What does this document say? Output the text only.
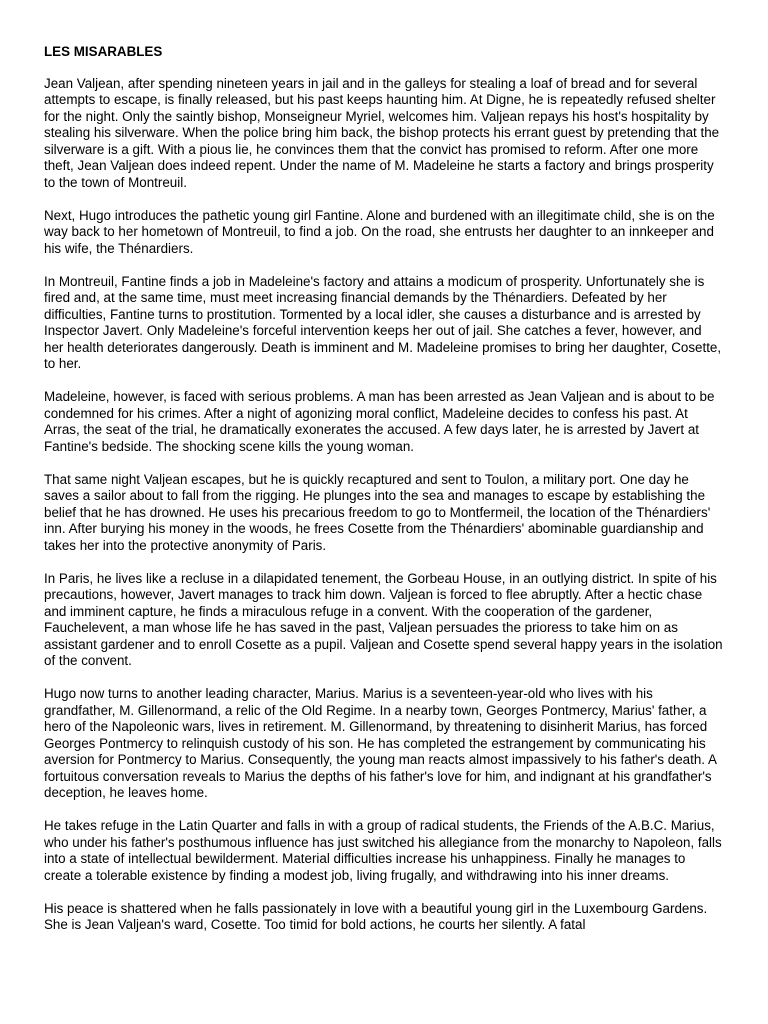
LES MISARABLES

Jean Valjean, after spending nineteen years in jail and in the galleys for stealing a loaf of bread and for several attempts to escape, is finally released, but his past keeps haunting him. At Digne, he is repeatedly refused shelter for the night. Only the saintly bishop, Monseigneur Myriel, welcomes him. Valjean repays his host's hospitality by stealing his silverware. When the police bring him back, the bishop protects his errant guest by pretending that the silverware is a gift. With a pious lie, he convinces them that the convict has promised to reform. After one more theft, Jean Valjean does indeed repent. Under the name of M. Madeleine he starts a factory and brings prosperity to the town of Montreuil.

Next, Hugo introduces the pathetic young girl Fantine. Alone and burdened with an illegitimate child, she is on the way back to her hometown of Montreuil, to find a job. On the road, she entrusts her daughter to an innkeeper and his wife, the Thénardiers.

In Montreuil, Fantine finds a job in Madeleine's factory and attains a modicum of prosperity. Unfortunately she is fired and, at the same time, must meet increasing financial demands by the Thénardiers. Defeated by her difficulties, Fantine turns to prostitution. Tormented by a local idler, she causes a disturbance and is arrested by Inspector Javert. Only Madeleine's forceful intervention keeps her out of jail. She catches a fever, however, and her health deteriorates dangerously. Death is imminent and M. Madeleine promises to bring her daughter, Cosette, to her.

Madeleine, however, is faced with serious problems. A man has been arrested as Jean Valjean and is about to be condemned for his crimes. After a night of agonizing moral conflict, Madeleine decides to confess his past. At Arras, the seat of the trial, he dramatically exonerates the accused. A few days later, he is arrested by Javert at Fantine's bedside. The shocking scene kills the young woman.

That same night Valjean escapes, but he is quickly recaptured and sent to Toulon, a military port. One day he saves a sailor about to fall from the rigging. He plunges into the sea and manages to escape by establishing the belief that he has drowned. He uses his precarious freedom to go to Montfermeil, the location of the Thénardiers' inn. After burying his money in the woods, he frees Cosette from the Thénardiers' abominable guardianship and takes her into the protective anonymity of Paris.

In Paris, he lives like a recluse in a dilapidated tenement, the Gorbeau House, in an outlying district. In spite of his precautions, however, Javert manages to track him down. Valjean is forced to flee abruptly. After a hectic chase and imminent capture, he finds a miraculous refuge in a convent. With the cooperation of the gardener, Fauchelevent, a man whose life he has saved in the past, Valjean persuades the prioress to take him on as assistant gardener and to enroll Cosette as a pupil. Valjean and Cosette spend several happy years in the isolation of the convent.

Hugo now turns to another leading character, Marius. Marius is a seventeen-year-old who lives with his grandfather, M. Gillenormand, a relic of the Old Regime. In a nearby town, Georges Pontmercy, Marius' father, a hero of the Napoleonic wars, lives in retirement. M. Gillenormand, by threatening to disinherit Marius, has forced Georges Pontmercy to relinquish custody of his son. He has completed the estrangement by communicating his aversion for Pontmercy to Marius. Consequently, the young man reacts almost impassively to his father's death. A fortuitous conversation reveals to Marius the depths of his father's love for him, and indignant at his grandfather's deception, he leaves home.

He takes refuge in the Latin Quarter and falls in with a group of radical students, the Friends of the A.B.C. Marius, who under his father's posthumous influence has just switched his allegiance from the monarchy to Napoleon, falls into a state of intellectual bewilderment. Material difficulties increase his unhappiness. Finally he manages to create a tolerable existence by finding a modest job, living frugally, and withdrawing into his inner dreams.

His peace is shattered when he falls passionately in love with a beautiful young girl in the Luxembourg Gardens. She is Jean Valjean's ward, Cosette. Too timid for bold actions, he courts her silently. A fatal
